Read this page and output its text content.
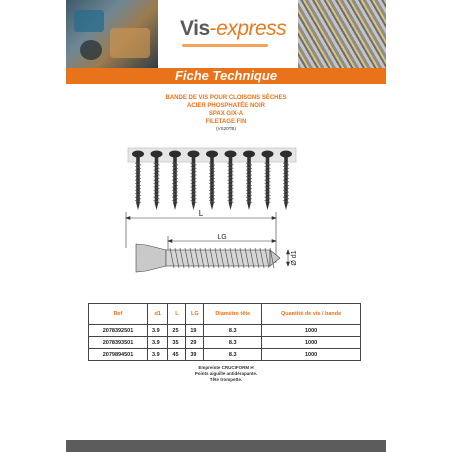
Vis-express
Fiche Technique
BANDE DE VIS POUR CLOISONS SÈCHES
ACIER PHOSPHATÉE NOIR
SPAX GIX-A
FILETAGE FIN
(VS20TB)
L
LG
Ø d1
Ref	d1	L	LG	Diamètre tête	Quantité de vis / bande
2078392501	3.9	25	19	8.3	1000
2078393501	3.9	35	29	8.3	1000
2079894501	3.9	45	39	8.3	1000
Empreinte CRUCIFORM H
Points aiguille antidérapante.
Tête trompette.
